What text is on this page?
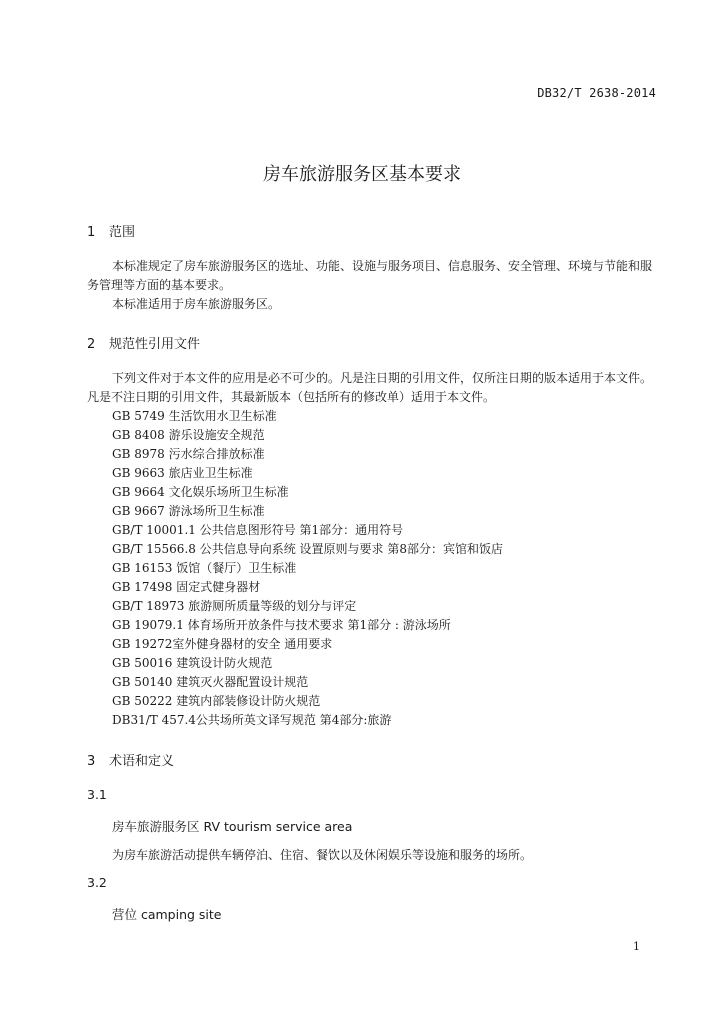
DB32/T 2638-2014
房车旅游服务区基本要求
1 范围
本标准规定了房车旅游服务区的选址、功能、设施与服务项目、信息服务、安全管理、环境与节能和服务管理等方面的基本要求。
本标准适用于房车旅游服务区。
2 规范性引用文件
下列文件对于本文件的应用是必不可少的。凡是注日期的引用文件，仅所注日期的版本适用于本文件。凡是不注日期的引用文件，其最新版本（包括所有的修改单）适用于本文件。
GB 5749 生活饮用水卫生标准
GB 8408 游乐设施安全规范
GB 8978 污水综合排放标准
GB 9663 旅店业卫生标准
GB 9664 文化娱乐场所卫生标准
GB 9667 游泳场所卫生标准
GB/T 10001.1 公共信息图形符号 第1部分：通用符号
GB/T 15566.8 公共信息导向系统 设置原则与要求 第8部分：宾馆和饭店
GB 16153 饭馆（餐厅）卫生标准
GB 17498 固定式健身器材
GB/T 18973 旅游厕所质量等级的划分与评定
GB 19079.1 体育场所开放条件与技术要求 第1部分 : 游泳场所
GB 19272室外健身器材的安全 通用要求
GB 50016 建筑设计防火规范
GB 50140 建筑灭火器配置设计规范
GB 50222 建筑内部装修设计防火规范
DB31/T 457.4公共场所英文译写规范 第4部分:旅游
3 术语和定义
3.1
房车旅游服务区 RV tourism service area
为房车旅游活动提供车辆停泊、住宿、餐饮以及休闲娱乐等设施和服务的场所。
3.2
营位 camping site
1
